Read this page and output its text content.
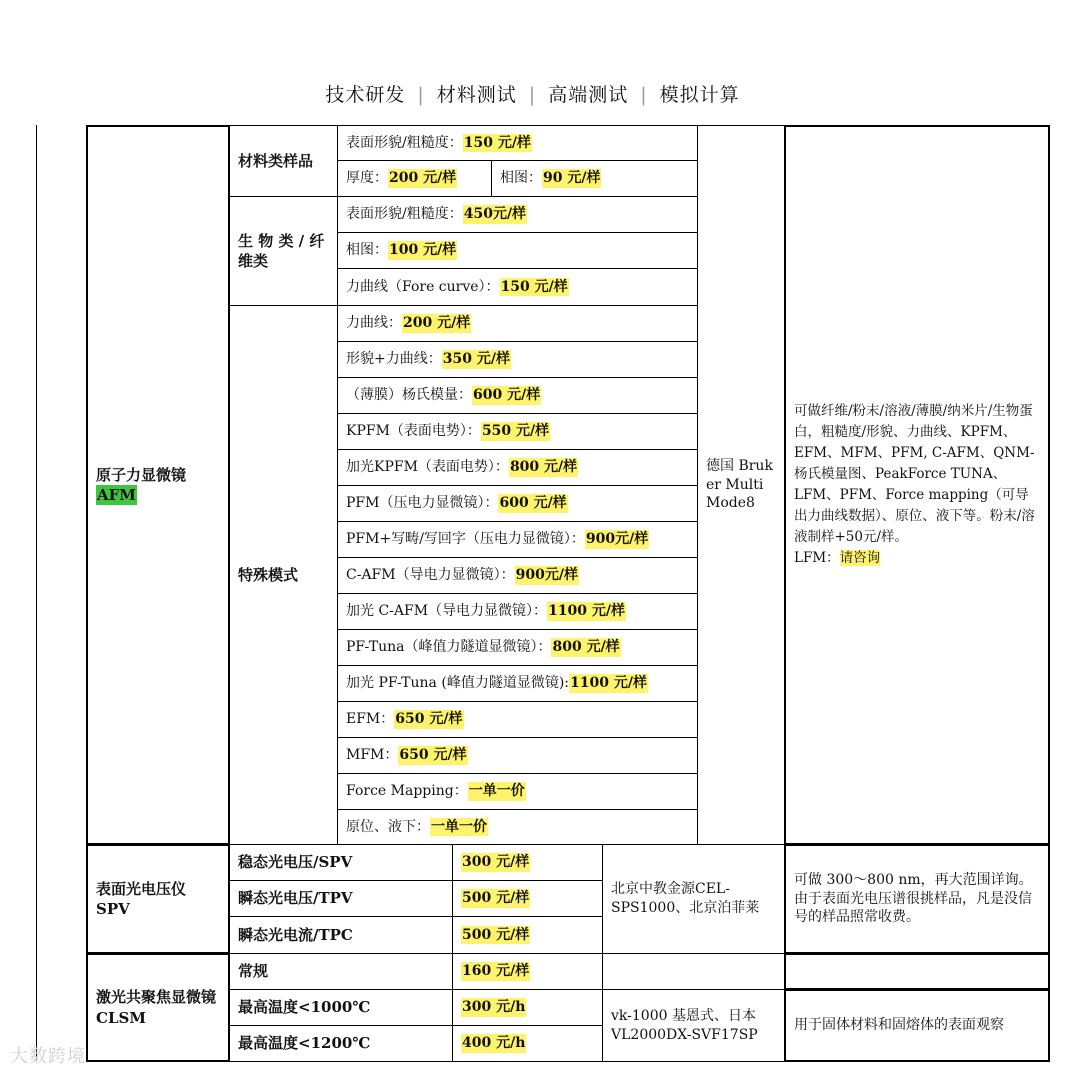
技术研发 | 材料测试 | 高端测试 | 模拟计算
原子力显微镜
AFM
材料类样品
表面形貌/粗糙度： 150 元/样
厚度： 200 元/样	相图： 90 元/样
生 物 类 / 纤维类
表面形貌/粗糙度： 450元/样
相图： 100 元/样
力曲线（Fore curve）： 150 元/样
特殊模式
力曲线： 200 元/样
形貌+力曲线： 350 元/样
（薄膜）杨氏模量： 600 元/样
KPFM（表面电势）： 550 元/样
加光KPFM（表面电势）： 800 元/样
PFM（压电力显微镜）： 600 元/样
PFM+写畴/写回字（压电力显微镜）： 900元/样
C-AFM（导电力显微镜）： 900元/样
加光 C-AFM（导电力显微镜）： 1100 元/样
PF-Tuna（峰值力隧道显微镜）： 800 元/样
加光 PF-Tuna (峰值力隧道显微镜): 1100 元/样
EFM： 650 元/样
MFM： 650 元/样
Force Mapping： 一单一价
原位、液下： 一单一价
德国 Bruker MultiMode8
可做纤维/粉末/溶液/薄膜/纳米片/生物蛋白，粗糙度/形貌、力曲线、KPFM、EFM、MFM、PFM, C-AFM、QNM-杨氏模量图、PeakForce TUNA、LFM、PFM、Force mapping（可导出力曲线数据）、原位、液下等。粉末/溶液制样+50元/样。
LFM：请咨询
表面光电压仪 SPV
稳态光电压/SPV	300 元/样
瞬态光电压/TPV	500 元/样
瞬态光电流/TPC	500 元/样
北京中教金源CEL-SPS1000、北京泊菲莱
可做 300～800 nm，再大范围详询。由于表面光电压谱很挑样品，凡是没信号的样品照常收费。
激光共聚焦显微镜 CLSM
常规	160 元/样
最高温度<1000℃	300 元/h
最高温度<1200℃	400 元/h
vk-1000 基恩式、日本 VL2000DX-SVF17SP
用于固体材料和固熔体的表面观察
大数跨境
